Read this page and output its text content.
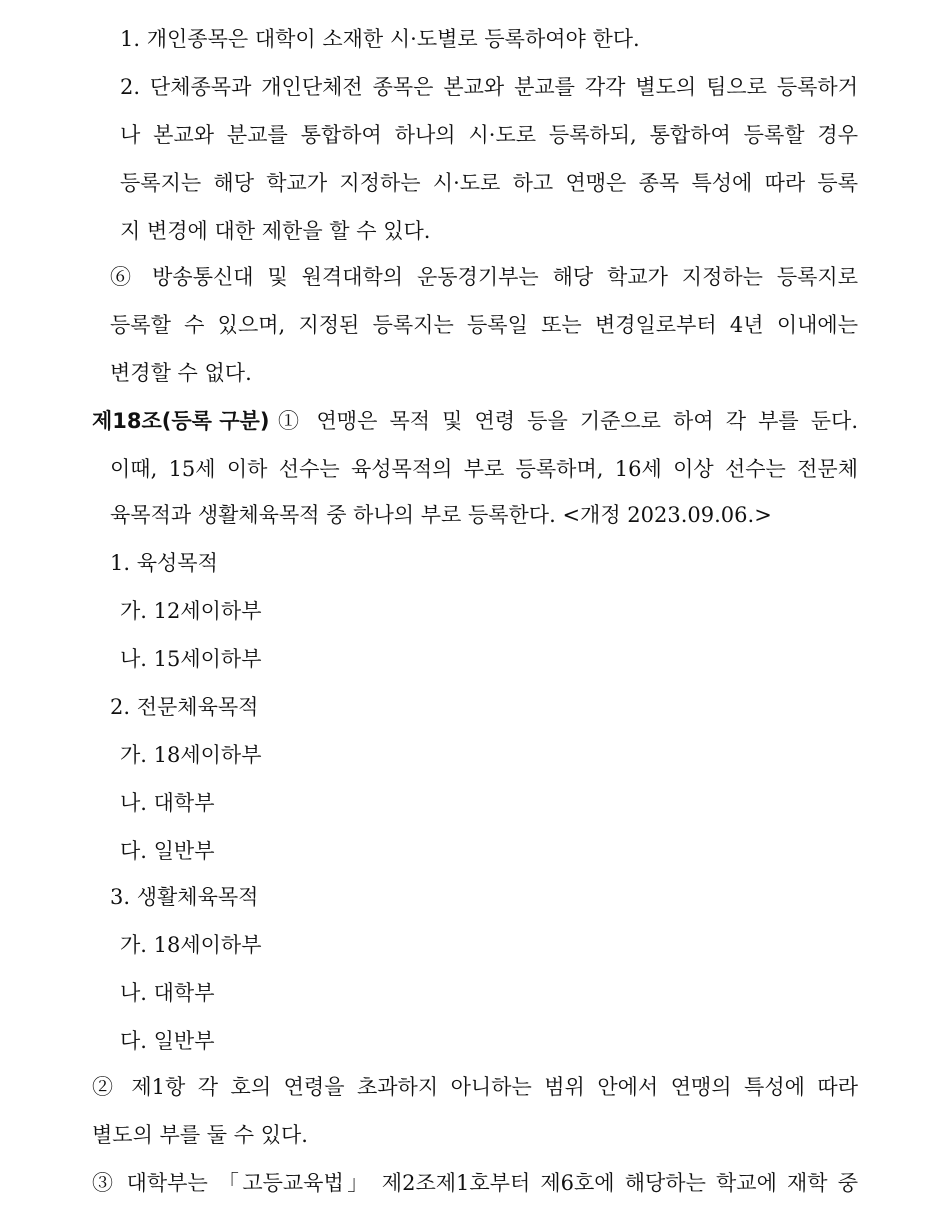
1. 개인종목은 대학이 소재한 시·도별로 등록하여야 한다.
2. 단체종목과 개인단체전 종목은 본교와 분교를 각각 별도의 팀으로 등록하거
나 본교와 분교를 통합하여 하나의 시·도로 등록하되, 통합하여 등록할 경우
등록지는 해당 학교가 지정하는 시·도로 하고 연맹은 종목 특성에 따라 등록
지 변경에 대한 제한을 할 수 있다.
⑥ 방송통신대 및 원격대학의 운동경기부는 해당 학교가 지정하는 등록지로
등록할 수 있으며, 지정된 등록지는 등록일 또는 변경일로부터 4년 이내에는
변경할 수 없다.
제18조(등록 구분) ① 연맹은 목적 및 연령 등을 기준으로 하여 각 부를 둔다.
이때, 15세 이하 선수는 육성목적의 부로 등록하며, 16세 이상 선수는 전문체
육목적과 생활체육목적 중 하나의 부로 등록한다. <개정 2023.09.06.>
1. 육성목적
가. 12세이하부
나. 15세이하부
2. 전문체육목적
가. 18세이하부
나. 대학부
다. 일반부
3. 생활체육목적
가. 18세이하부
나. 대학부
다. 일반부
② 제1항 각 호의 연령을 초과하지 아니하는 범위 안에서 연맹의 특성에 따라
별도의 부를 둘 수 있다.
③ 대학부는 「고등교육법」 제2조제1호부터 제6호에 해당하는 학교에 재학 중
